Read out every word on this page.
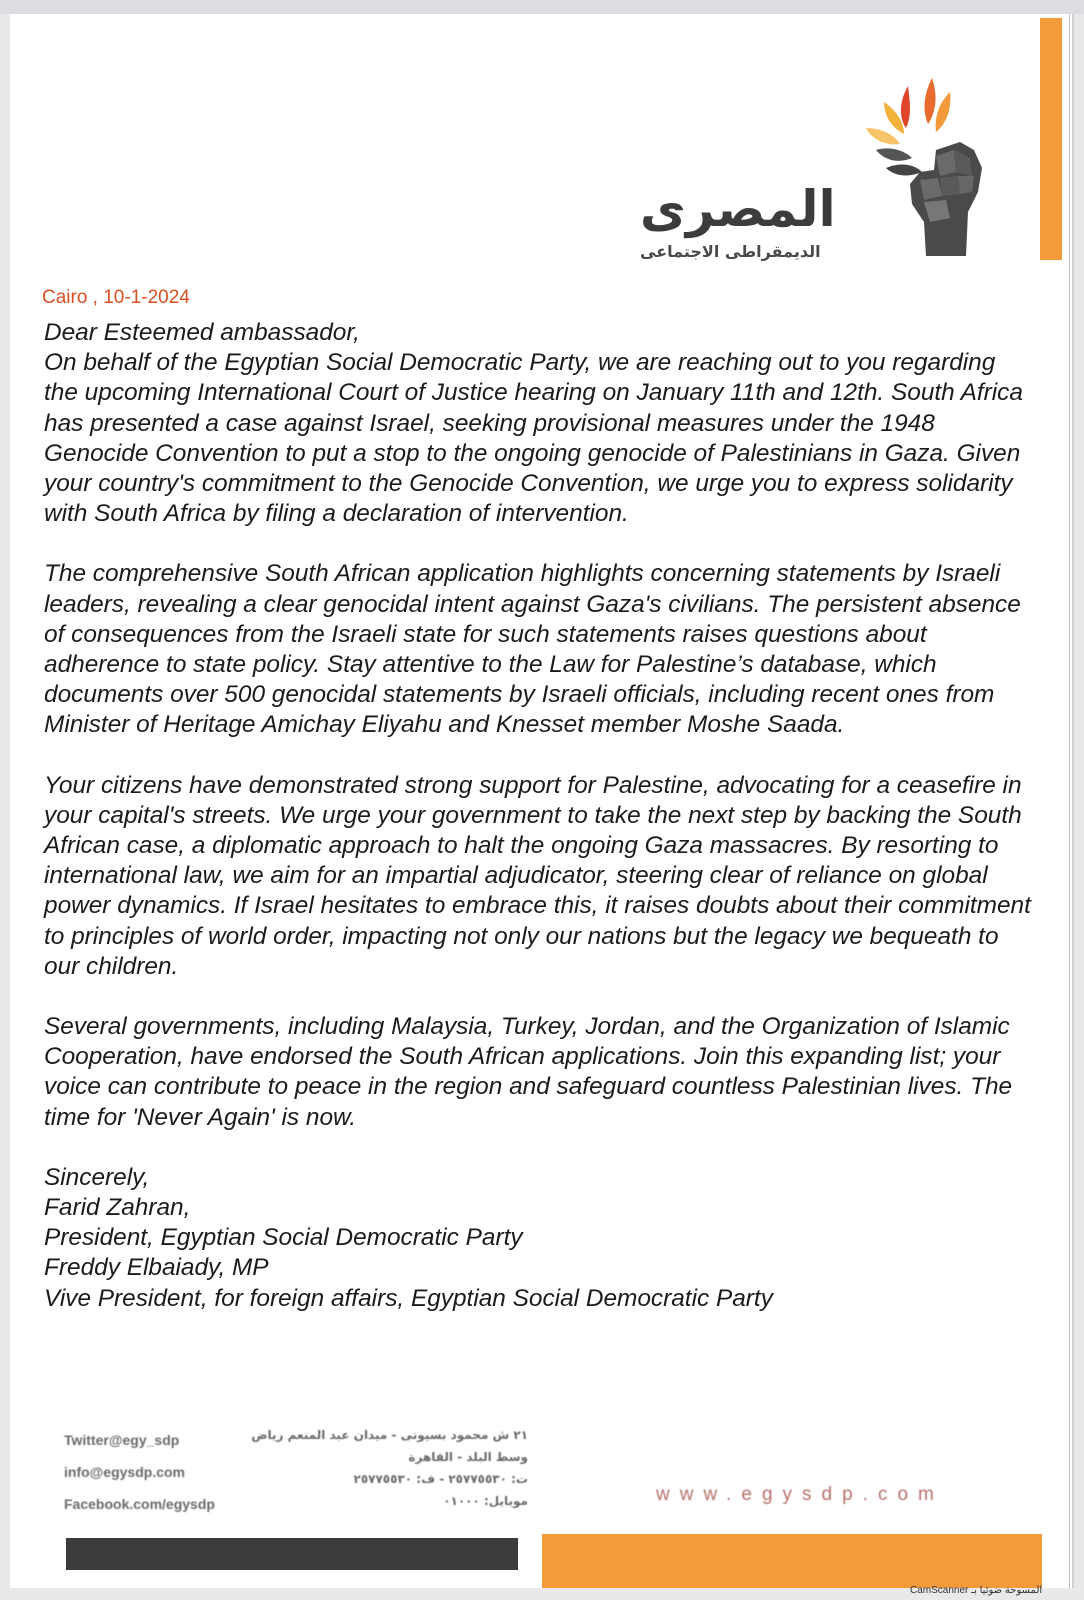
المصرى
الديمقراطى الاجتماعى
Cairo , 10-1-2024

Dear Esteemed ambassador,

On behalf of the Egyptian Social Democratic Party, we are reaching out to you regarding the upcoming International Court of Justice hearing on January 11th and 12th. South Africa has presented a case against Israel, seeking provisional measures under the 1948 Genocide Convention to put a stop to the ongoing genocide of Palestinians in Gaza. Given your country's commitment to the Genocide Convention, we urge you to express solidarity with South Africa by filing a declaration of intervention.

The comprehensive South African application highlights concerning statements by Israeli leaders, revealing a clear genocidal intent against Gaza's civilians. The persistent absence of consequences from the Israeli state for such statements raises questions about adherence to state policy. Stay attentive to the Law for Palestine’s database, which documents over 500 genocidal statements by Israeli officials, including recent ones from Minister of Heritage Amichay Eliyahu and Knesset member Moshe Saada.

Your citizens have demonstrated strong support for Palestine, advocating for a ceasefire in your capital's streets. We urge your government to take the next step by backing the South African case, a diplomatic approach to halt the ongoing Gaza massacres. By resorting to international law, we aim for an impartial adjudicator, steering clear of reliance on global power dynamics. If Israel hesitates to embrace this, it raises doubts about their commitment to principles of world order, impacting not only our nations but the legacy we bequeath to our children.

Several governments, including Malaysia, Turkey, Jordan, and the Organization of Islamic Cooperation, have endorsed the South African applications. Join this expanding list; your voice can contribute to peace in the region and safeguard countless Palestinian lives. The time for 'Never Again' is now.

Sincerely,

Farid Zahran,

President, Egyptian Social Democratic Party

Freddy Elbaiady, MP

Vive President, for foreign affairs, Egyptian Social Democratic Party

Twitter@egy_sdp
info@egysdp.com
Facebook.com/egysdp
٢١ ش محمود بسيونى - ميدان عبد المنعم رياض
وسط البلد - القاهرة
ت: ٢٥٧٧٥٥٣٠ - ف: ٢٥٧٧٥٥٣٠
موبايل: ٠١٠٠٠	www.egysdp.com
CamScanner المسوحة ضوئيا بـ
